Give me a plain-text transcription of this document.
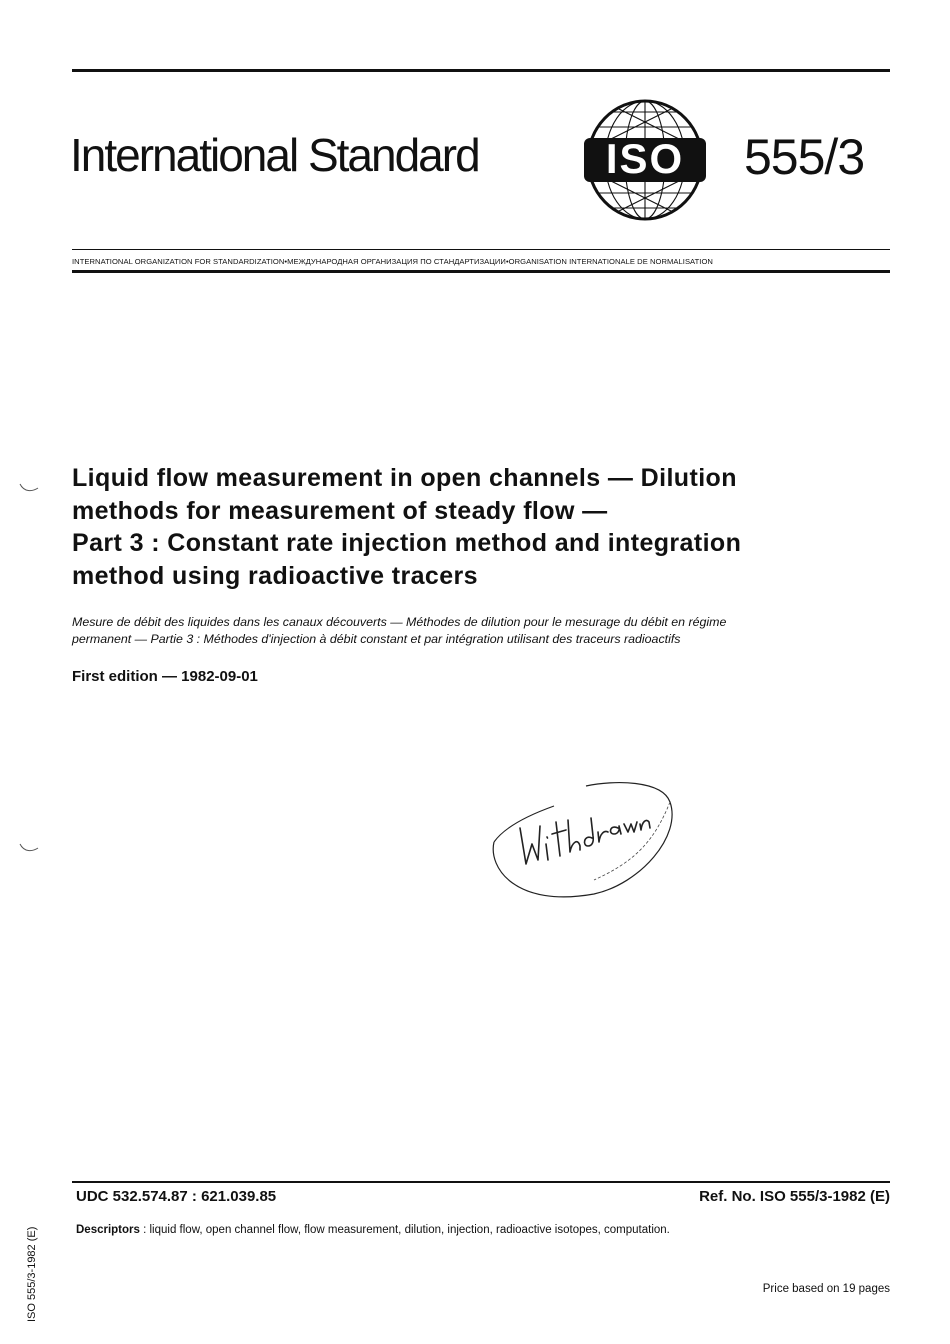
International Standard	ISO 555/3
INTERNATIONAL ORGANIZATION FOR STANDARDIZATION•МЕЖДУНАРОДНАЯ ОРГАНИЗАЦИЯ ПО СТАНДАРТИЗАЦИИ•ORGANISATION INTERNATIONALE DE NORMALISATION
Liquid flow measurement in open channels — Dilution
methods for measurement of steady flow —
Part 3 : Constant rate injection method and integration
method using radioactive tracers
Mesure de débit des liquides dans les canaux découverts — Méthodes de dilution pour le mesurage du débit en régime
permanent — Partie 3 : Méthodes d'injection à débit constant et par intégration utilisant des traceurs radioactifs
First edition — 1982-09-01
UDC 532.574.87 : 621.039.85	Ref. No. ISO 555/3-1982 (E)
Descriptors : liquid flow, open channel flow, flow measurement, dilution, injection, radioactive isotopes, computation.
Price based on 19 pages
ISO 555/3-1982 (E)
